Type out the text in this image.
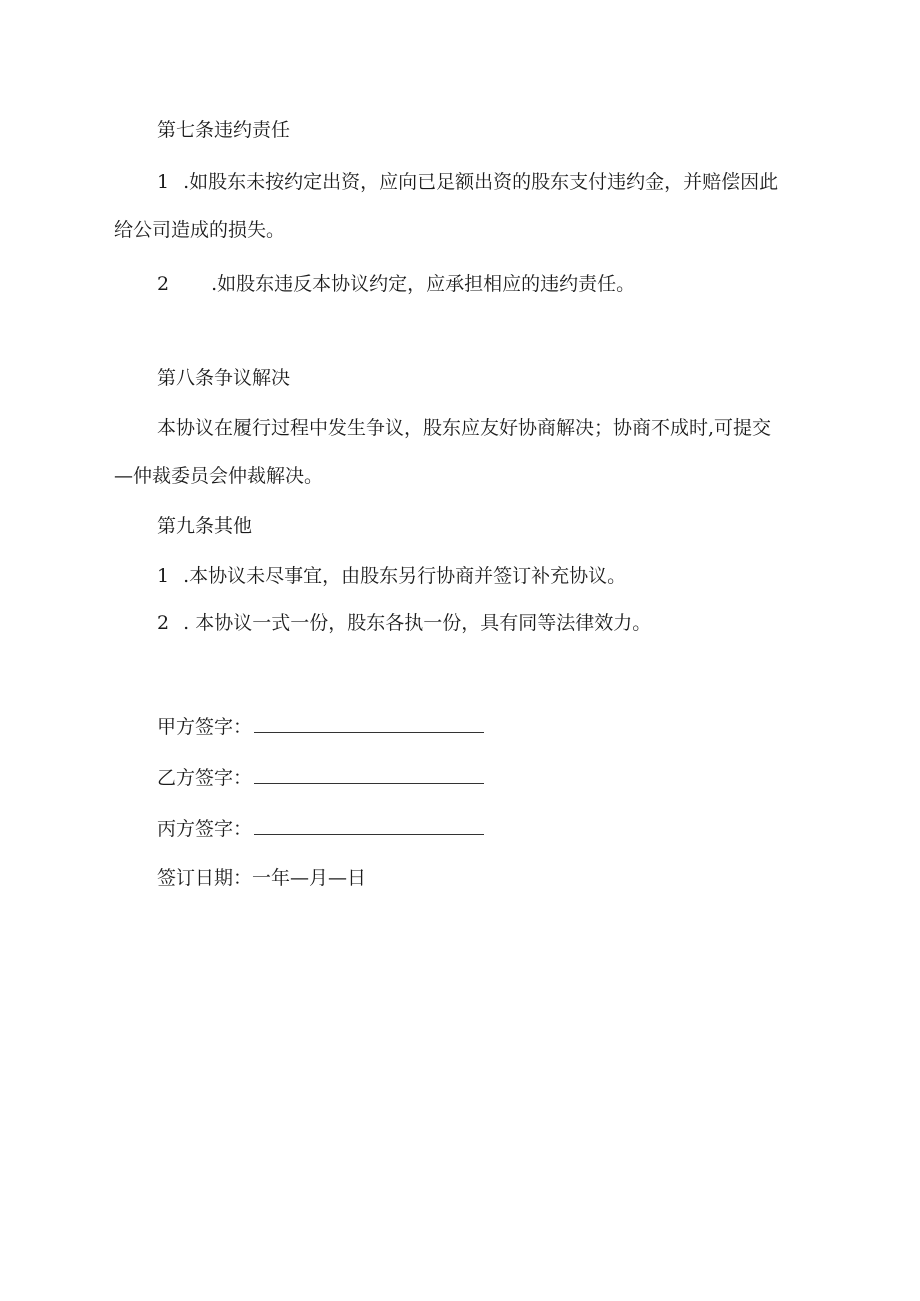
第七条违约责任
1 .如股东未按约定出资，应向已足额出资的股东支付违约金，并赔偿因此
给公司造成的损失。
2 .如股东违反本协议约定，应承担相应的违约责任。
第八条争议解决
本协议在履行过程中发生争议，股东应友好协商解决；协商不成时,可提交
—仲裁委员会仲裁解决。
第九条其他
1 .本协议未尽事宜，由股东另行协商并签订补充协议。
2 . 本协议一式一份，股东各执一份，具有同等法律效力。
甲方签字：
乙方签字：
丙方签字：
签订日期：一年—月—日
